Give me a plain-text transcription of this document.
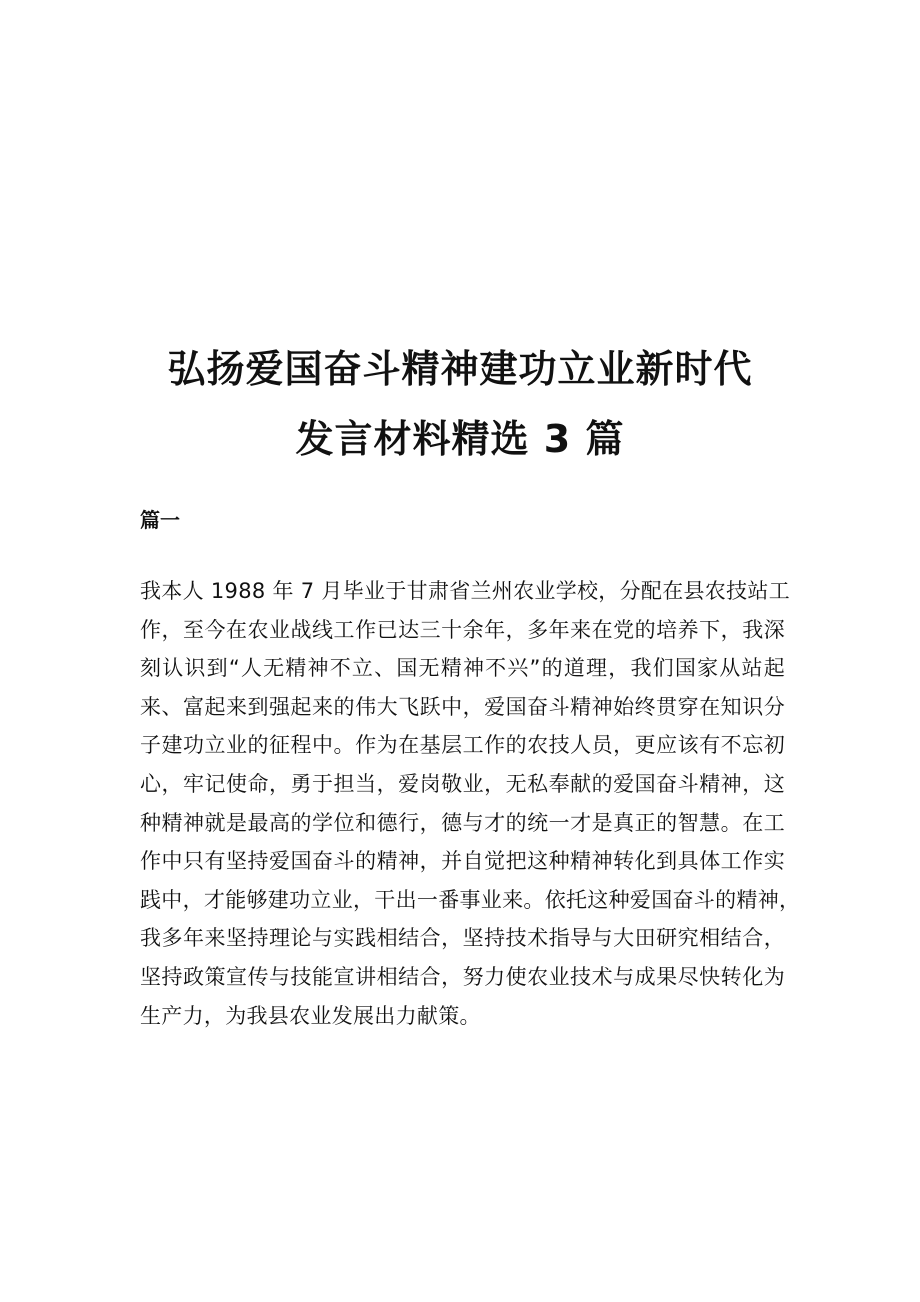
弘扬爱国奋斗精神建功立业新时代
发言材料精选 3 篇
篇一
我本人 1988 年 7 月毕业于甘肃省兰州农业学校，分配在县农技站工
作，至今在农业战线工作已达三十余年，多年来在党的培养下，我深
刻认识到“人无精神不立、国无精神不兴”的道理，我们国家从站起
来、富起来到强起来的伟大飞跃中，爱国奋斗精神始终贯穿在知识分
子建功立业的征程中。作为在基层工作的农技人员，更应该有不忘初
心，牢记使命，勇于担当，爱岗敬业，无私奉献的爱国奋斗精神，这
种精神就是最高的学位和德行，德与才的统一才是真正的智慧。在工
作中只有坚持爱国奋斗的精神，并自觉把这种精神转化到具体工作实
践中，才能够建功立业，干出一番事业来。依托这种爱国奋斗的精神，
我多年来坚持理论与实践相结合，坚持技术指导与大田研究相结合，
坚持政策宣传与技能宣讲相结合，努力使农业技术与成果尽快转化为
生产力，为我县农业发展出力献策。
